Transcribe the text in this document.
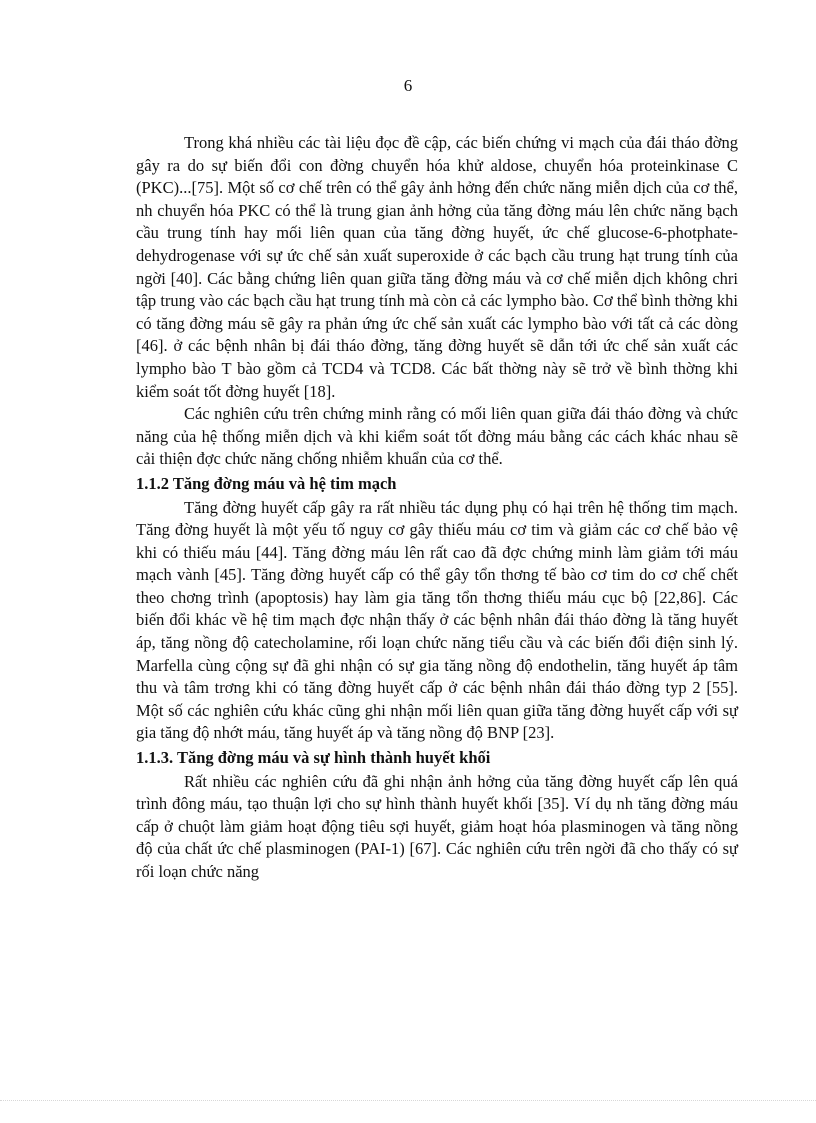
6

Trong khá nhiều các tài liệu đọc đề cập, các biến chứng vi mạch của đái tháo đờng gây ra do sự biến đổi con đờng chuyển hóa khử aldose, chuyển hóa proteinkinase C (PKC)...[75]. Một số cơ chế trên có thể gây ảnh hởng đến chức năng miễn dịch của cơ thể, nh chuyển hóa PKC có thể là trung gian ảnh hởng của tăng đờng máu lên chức năng bạch cầu trung tính hay mối liên quan của tăng đờng huyết, ức chế glucose-6-photphate-dehydrogenase với sự ức chế sản xuất superoxide ở các bạch cầu trung hạt trung tính của ngời [40]. Các bằng chứng liên quan giữa tăng đờng máu và cơ chế miễn dịch không chri tập trung vào các bạch cầu hạt trung tính mà còn cả các lympho bào. Cơ thể bình thờng khi có tăng đờng máu sẽ gây ra phản ứng ức chế sản xuất các lympho bào với tất cả các dòng [46]. ở các bệnh nhân bị đái tháo đờng, tăng đờng huyết sẽ dẫn tới ức chế sản xuất các lympho bào T bào gồm cả TCD4 và TCD8. Các bất thờng này sẽ trở về bình thờng khi kiểm soát tốt đờng huyết [18].

Các nghiên cứu trên chứng minh rằng có mối liên quan giữa đái tháo đờng và chức năng của hệ thống miễn dịch và khi kiểm soát tốt đờng máu bằng các cách khác nhau sẽ cải thiện đợc chức năng chống nhiễm khuẩn của cơ thể.

1.1.2 Tăng đờng máu và hệ tim mạch

Tăng đờng huyết cấp gây ra rất nhiều tác dụng phụ có hại trên hệ thống tim mạch. Tăng đờng huyết là một yếu tố nguy cơ gây thiếu máu cơ tim và giảm các cơ chế bảo vệ khi có thiếu máu [44]. Tăng đờng máu lên rất cao đã đợc chứng minh làm giảm tới máu mạch vành [45]. Tăng đờng huyết cấp có thể gây tổn thơng tế bào cơ tim do cơ chế chết theo chơng trình (apoptosis) hay làm gia tăng tổn thơng thiếu máu cục bộ [22,86]. Các biến đổi khác về hệ tim mạch đợc nhận thấy ở các bệnh nhân đái tháo đờng là tăng huyết áp, tăng nồng độ catecholamine, rối loạn chức năng tiểu cầu và các biến đổi điện sinh lý. Marfella cùng cộng sự đã ghi nhận có sự gia tăng nồng độ endothelin, tăng huyết áp tâm thu và tâm trơng khi có tăng đờng huyết cấp ở các bệnh nhân đái tháo đờng typ 2 [55]. Một số các nghiên cứu khác cũng ghi nhận mối liên quan giữa tăng đờng huyết cấp với sự gia tăng độ nhớt máu, tăng huyết áp và tăng nồng độ BNP [23].

1.1.3. Tăng đờng máu và sự hình thành huyết khối

Rất nhiều các nghiên cứu đã ghi nhận ảnh hởng của tăng đờng huyết cấp lên quá trình đông máu, tạo thuận lợi cho sự hình thành huyết khối [35]. Ví dụ nh tăng đờng máu cấp ở chuột làm giảm hoạt động tiêu sợi huyết, giảm hoạt hóa plasminogen và tăng nồng độ của chất ức chế plasminogen (PAI-1) [67]. Các nghiên cứu trên ngời đã cho thấy có sự rối loạn chức năng
